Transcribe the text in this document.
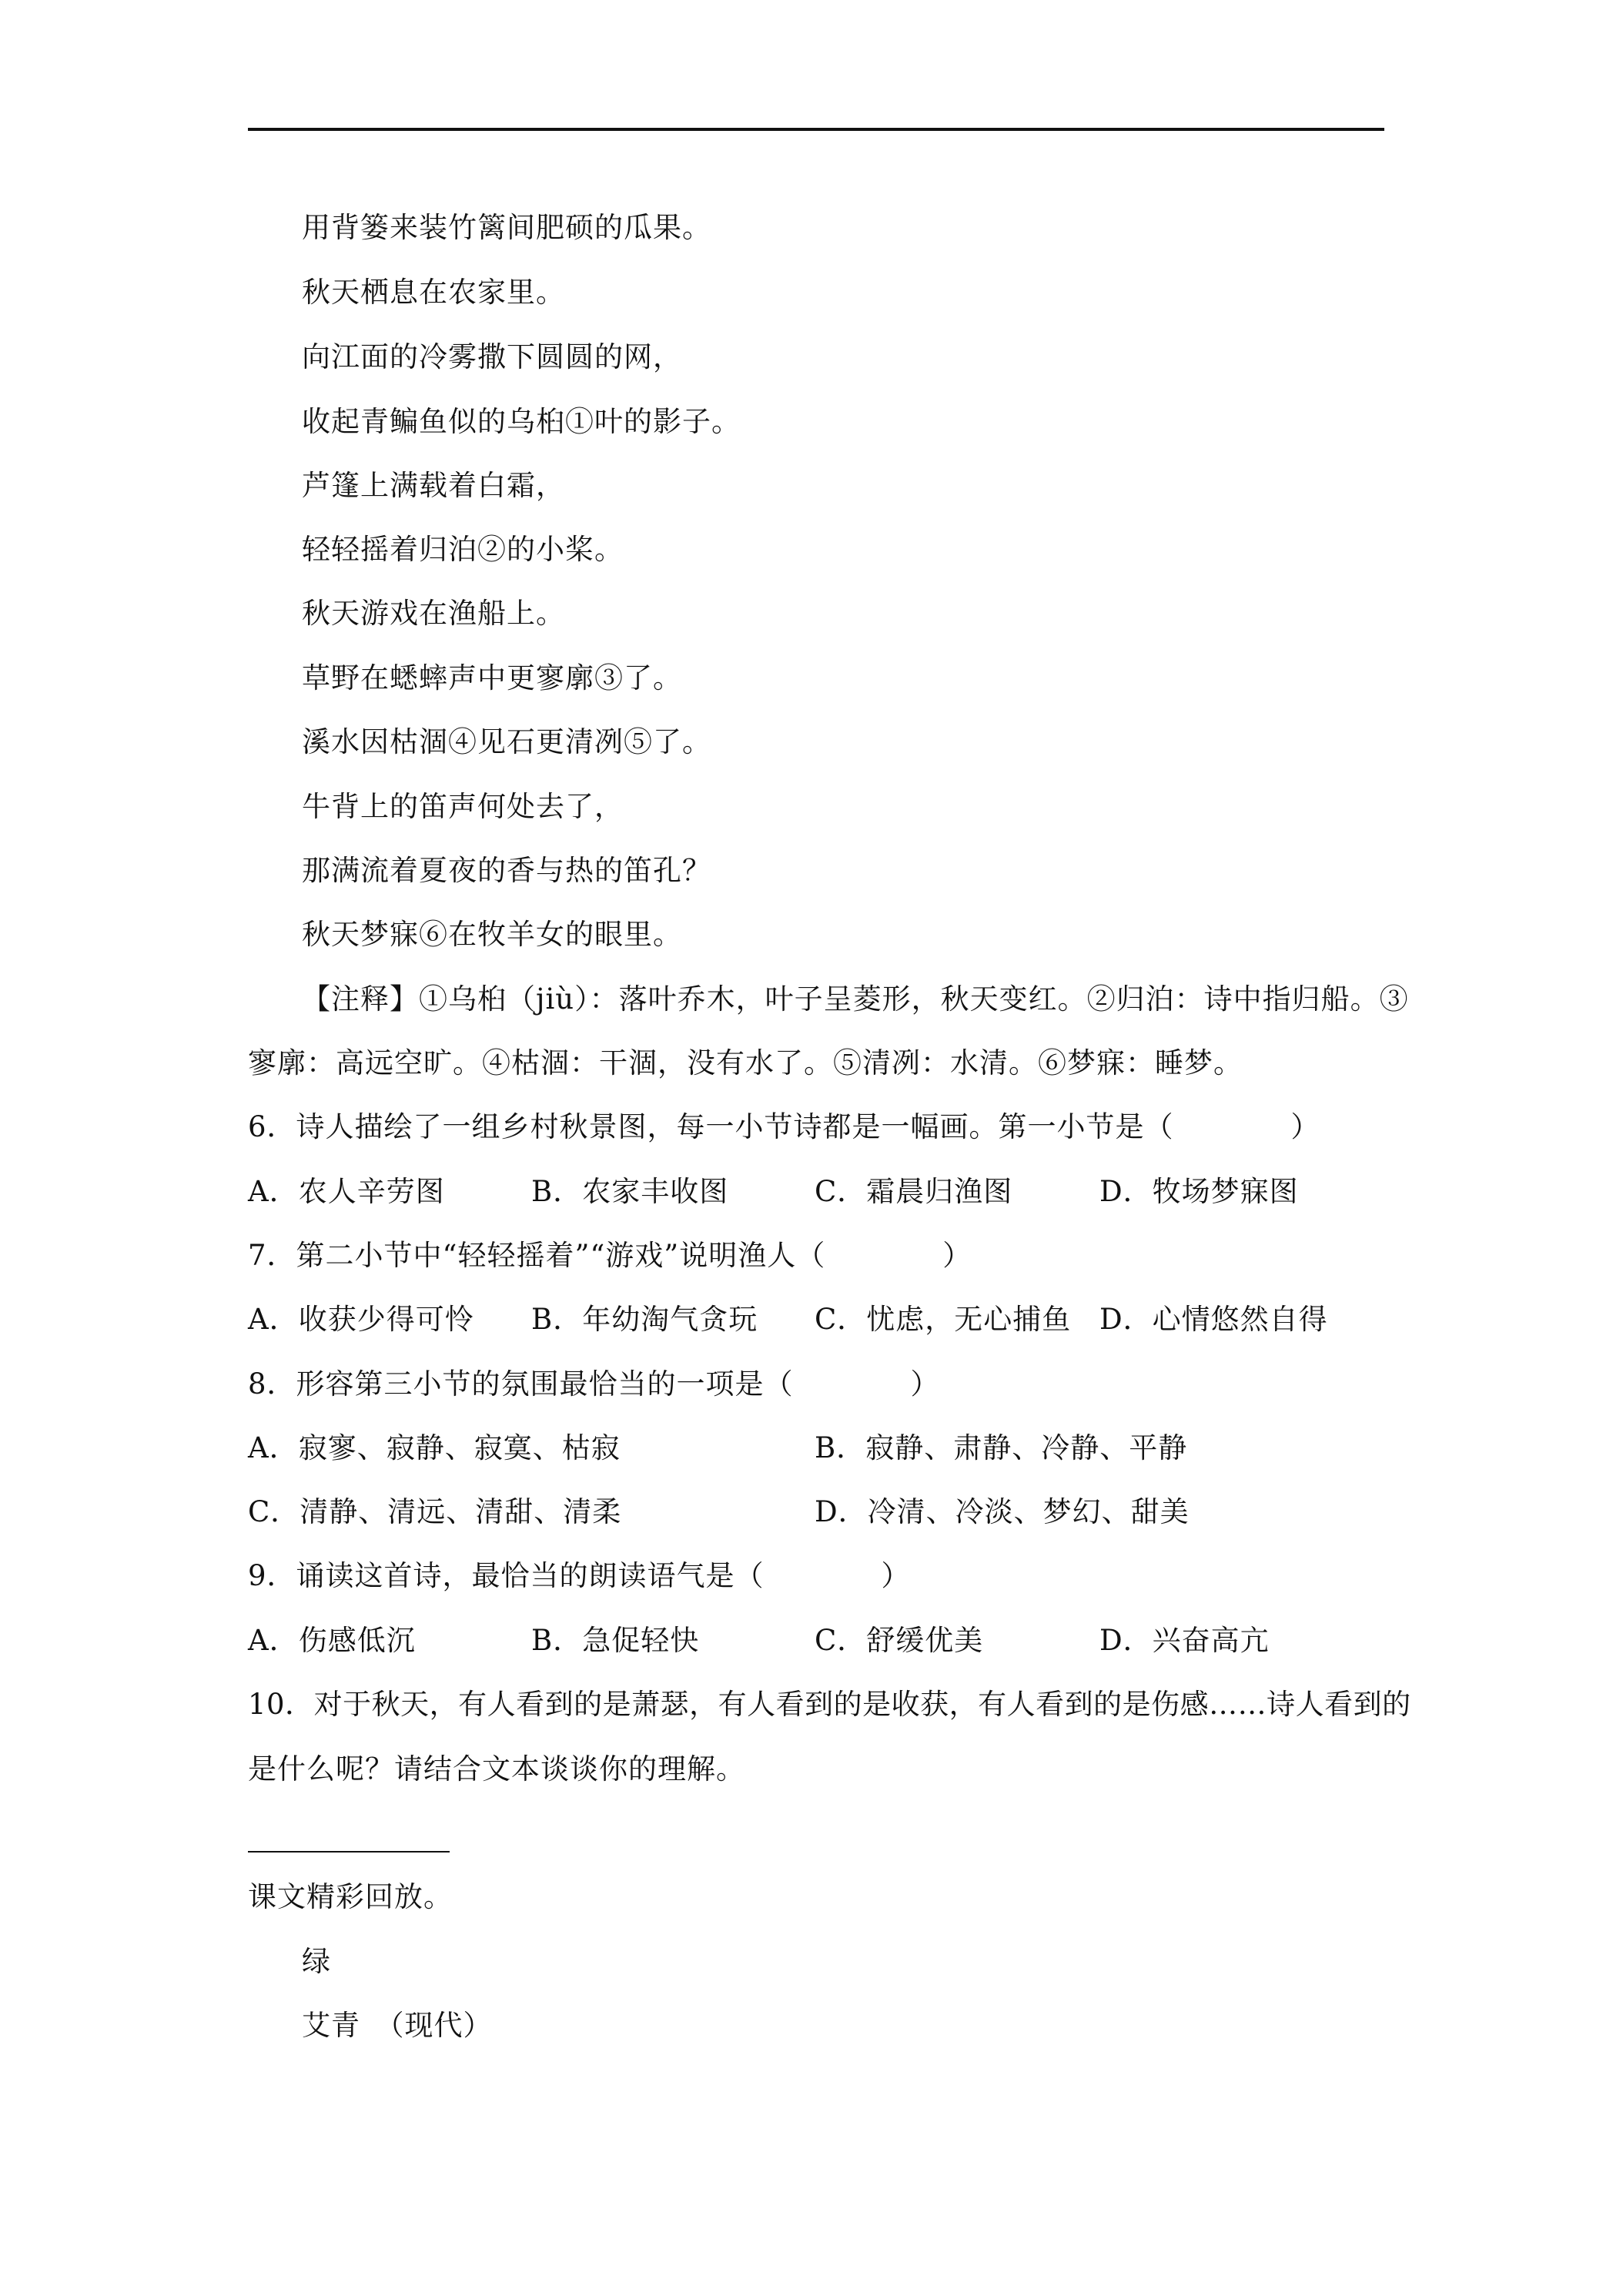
用背篓来装竹篱间肥硕的瓜果。
秋天栖息在农家里。
向江面的冷雾撒下圆圆的网，
收起青鳊鱼似的乌桕①叶的影子。
芦篷上满载着白霜，
轻轻摇着归泊②的小桨。
秋天游戏在渔船上。
草野在蟋蟀声中更寥廓③了。
溪水因枯涸④见石更清冽⑤了。
牛背上的笛声何处去了，
那满流着夏夜的香与热的笛孔？
秋天梦寐⑥在牧羊女的眼里。
【注释】①乌桕（jiù）：落叶乔木，叶子呈菱形，秋天变红。②归泊：诗中指归船。③
寥廓：高远空旷。④枯涸：干涸，没有水了。⑤清冽：水清。⑥梦寐：睡梦。
6．诗人描绘了一组乡村秋景图，每一小节诗都是一幅画。第一小节是（　　　　）
A．农人辛劳图	B．农家丰收图	C．霜晨归渔图	D．牧场梦寐图
7．第二小节中“轻轻摇着”“游戏”说明渔人（　　　　）
A．收获少得可怜 B．年幼淘气贪玩 C．忧虑，无心捕鱼 D．心情悠然自得
8．形容第三小节的氛围最恰当的一项是（　　　　）
A．寂寥、寂静、寂寞、枯寂	B．寂静、肃静、冷静、平静
C．清静、清远、清甜、清柔	D．冷清、冷淡、梦幻、甜美
9．诵读这首诗，最恰当的朗读语气是（　　　　）
A．伤感低沉	B．急促轻快	C．舒缓优美	D．兴奋高亢
10．对于秋天，有人看到的是萧瑟，有人看到的是收获，有人看到的是伤感……诗人看到的
是什么呢？请结合文本谈谈你的理解。
课文精彩回放。
绿
艾青　（现代）
